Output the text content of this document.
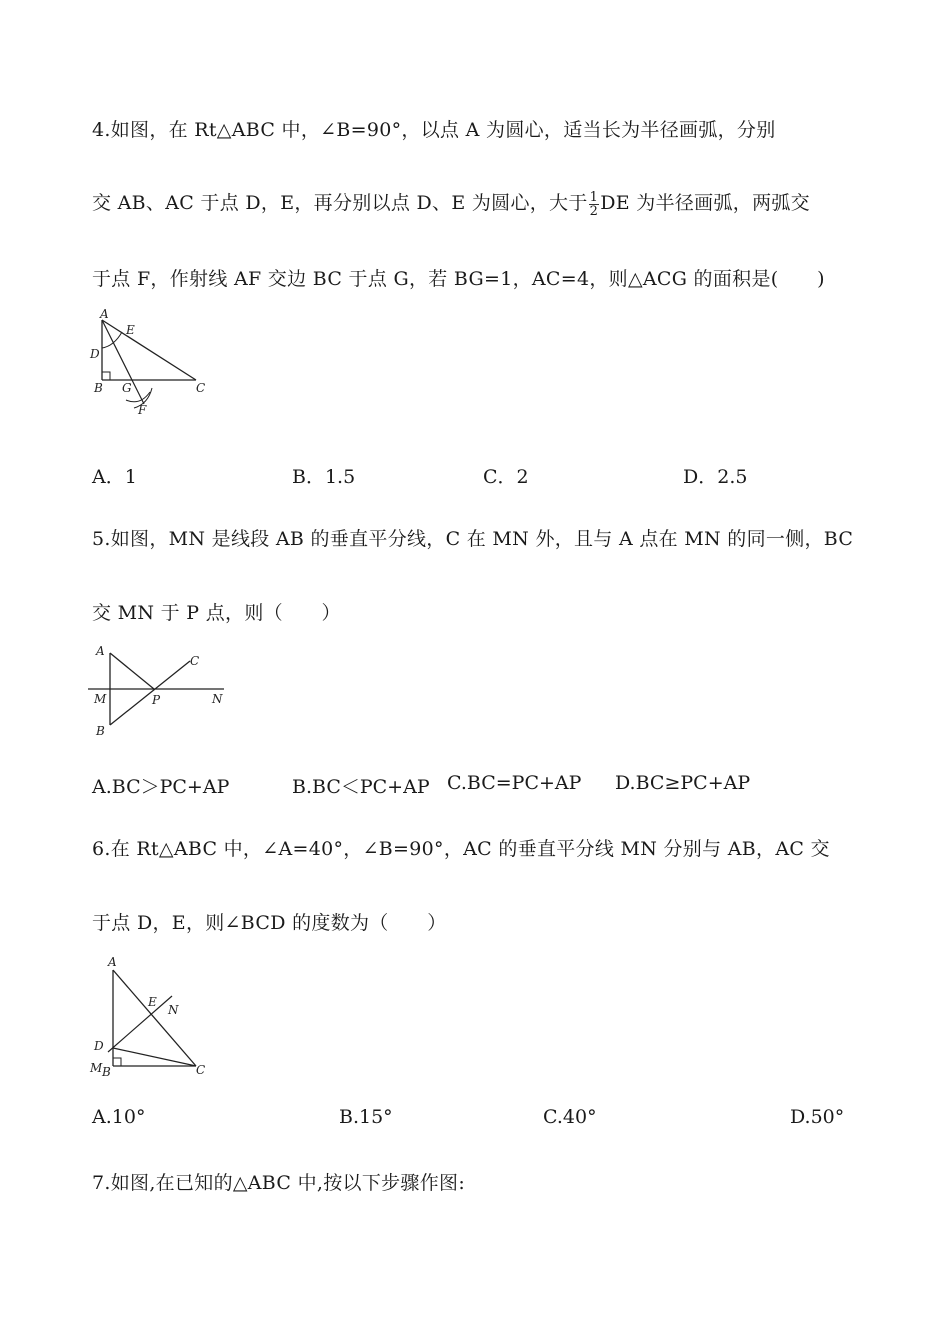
4.如图，在 Rt△ABC 中，∠B=90°，以点 A 为圆心，适当长为半径画弧，分别
交 AB、AC 于点 D，E，再分别以点 D、E 为圆心，大于 $\frac{1}{2}$ DE 为半径画弧，两弧交
于点 F，作射线 AF 交边 BC 于点 G，若 BG=1，AC=4，则△ACG 的面积是(　　)
A
E
D
B G	C
F
A．1	B．1.5	C．2	D．2.5
5.如图，MN 是线段 AB 的垂直平分线，C 在 MN 外，且与 A 点在 MN 的同一侧，BC
交 MN 于 P 点，则（　　）
A
C
M	P	N
B
A.BC＞PC+AP	B.BC＜PC+AP C.BC=PC+AP D.BC≥PC+AP
6.在 Rt△ABC 中，∠A=40°，∠B=90°，AC 的垂直平分线 MN 分别与 AB，AC 交
于点 D，E，则∠BCD 的度数为（　　）
A
E
N
D
M B	C
A.10°	B.15°	C.40°	D.50°
7.如图,在已知的△ABC 中,按以下步骤作图:
